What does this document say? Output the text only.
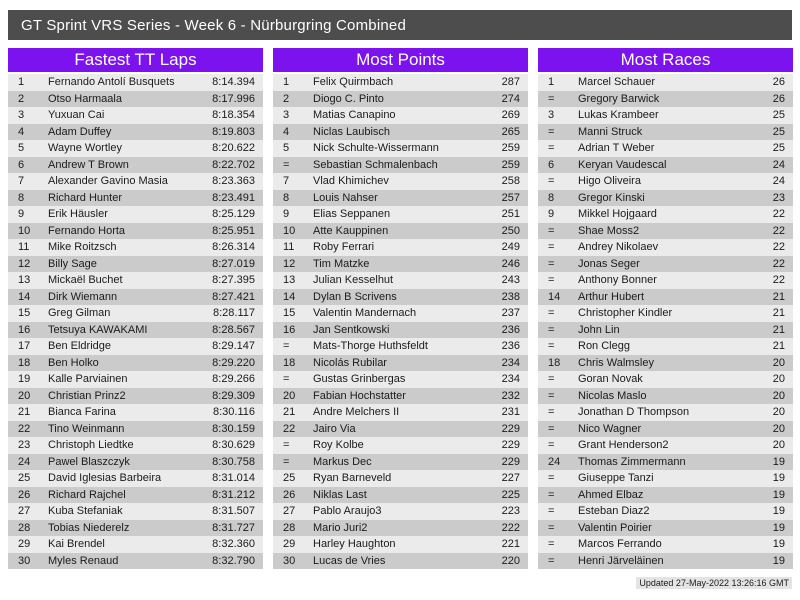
GT Sprint VRS Series - Week 6 - Nürburgring Combined
Fastest TT Laps
1	Fernando Antolí Busquets	8:14.394
2	Otso Harmaala	8:17.996
3	Yuxuan Cai	8:18.354
4	Adam Duffey	8:19.803
5	Wayne Wortley	8:20.622
6	Andrew T Brown	8:22.702
7	Alexander Gavino Masia	8:23.363
8	Richard Hunter	8:23.491
9	Erik Häusler	8:25.129
10	Fernando Horta	8:25.951
11	Mike Roitzsch	8:26.314
12	Billy Sage	8:27.019
13	Mickaël Buchet	8:27.395
14	Dirk Wiemann	8:27.421
15	Greg Gilman	8:28.117
16	Tetsuya KAWAKAMI	8:28.567
17	Ben Eldridge	8:29.147
18	Ben Holko	8:29.220
19	Kalle Parviainen	8:29.266
20	Christian Prinz2	8:29.309
21	Bianca Farina	8:30.116
22	Tino Weinmann	8:30.159
23	Christoph Liedtke	8:30.629
24	Pawel Blaszczyk	8:30.758
25	David Iglesias Barbeira	8:31.014
26	Richard Rajchel	8:31.212
27	Kuba Stefaniak	8:31.507
28	Tobias Niederelz	8:31.727
29	Kai Brendel	8:32.360
30	Myles Renaud	8:32.790
Most Points
1	Felix Quirmbach	287
2	Diogo C. Pinto	274
3	Matias Canapino	269
4	Niclas Laubisch	265
5	Nick Schulte-Wissermann	259
=	Sebastian Schmalenbach	259
7	Vlad Khimichev	258
8	Louis Nahser	257
9	Elias Seppanen	251
10	Atte Kauppinen	250
11	Roby Ferrari	249
12	Tim Matzke	246
13	Julian Kesselhut	243
14	Dylan B Scrivens	238
15	Valentin Mandernach	237
16	Jan Sentkowski	236
=	Mats-Thorge Huthsfeldt	236
18	Nicolás Rubilar	234
=	Gustas Grinbergas	234
20	Fabian Hochstatter	232
21	Andre Melchers II	231
22	Jairo Via	229
=	Roy Kolbe	229
=	Markus Dec	229
25	Ryan Barneveld	227
26	Niklas Last	225
27	Pablo Araujo3	223
28	Mario Juri2	222
29	Harley Haughton	221
30	Lucas de Vries	220
Most Races
1	Marcel Schauer	26
=	Gregory Barwick	26
3	Lukas Krambeer	25
=	Manni Struck	25
=	Adrian T Weber	25
6	Keryan Vaudescal	24
=	Higo Oliveira	24
8	Gregor Kinski	23
9	Mikkel Hojgaard	22
=	Shae Moss2	22
=	Andrey Nikolaev	22
=	Jonas Seger	22
=	Anthony Bonner	22
14	Arthur Hubert	21
=	Christopher Kindler	21
=	John Lin	21
=	Ron Clegg	21
18	Chris Walmsley	20
=	Goran Novak	20
=	Nicolas Maslo	20
=	Jonathan D Thompson	20
=	Nico Wagner	20
=	Grant Henderson2	20
24	Thomas Zimmermann	19
=	Giuseppe Tanzi	19
=	Ahmed Elbaz	19
=	Esteban Diaz2	19
=	Valentin Poirier	19
=	Marcos Ferrando	19
=	Henri Järveläinen	19
Updated 27-May-2022 13:26:16 GMT
